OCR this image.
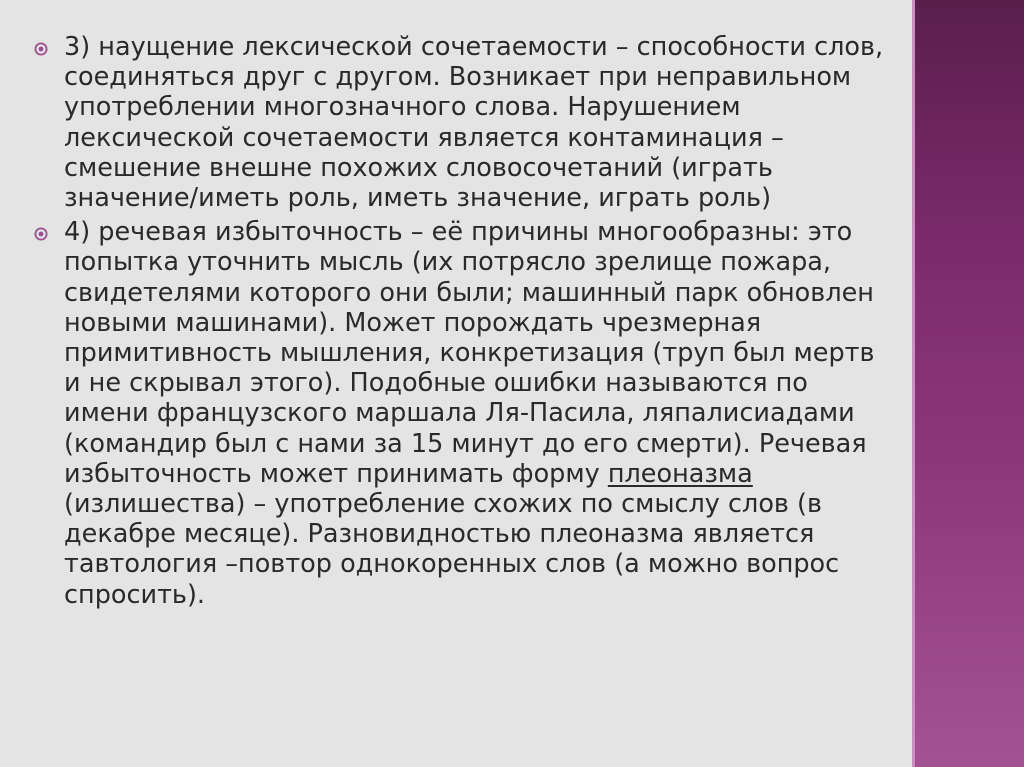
3) наущение лексической сочетаемости – способности слов, соединяться друг с другом. Возникает при неправильном употреблении многозначного слова. Нарушением лексической сочетаемости является контаминация – смешение внешне похожих словосочетаний (играть значение/иметь роль, иметь значение, играть роль)
4) речевая избыточность – её причины многообразны: это попытка уточнить мысль (их потрясло зрелище пожара, свидетелями которого они были; машинный парк обновлен новыми машинами). Может порождать чрезмерная примитивность мышления, конкретизация (труп был мертв и не скрывал этого). Подобные ошибки называются по имени французского маршала Ля-Пасила, ляпалисиадами (командир был с нами за 15 минут до его смерти). Речевая избыточность может принимать форму плеоназма (излишества) – употребление схожих по смыслу слов (в декабре месяце). Разновидностью плеоназма является тавтология –повтор однокоренных слов (а можно вопрос спросить).
